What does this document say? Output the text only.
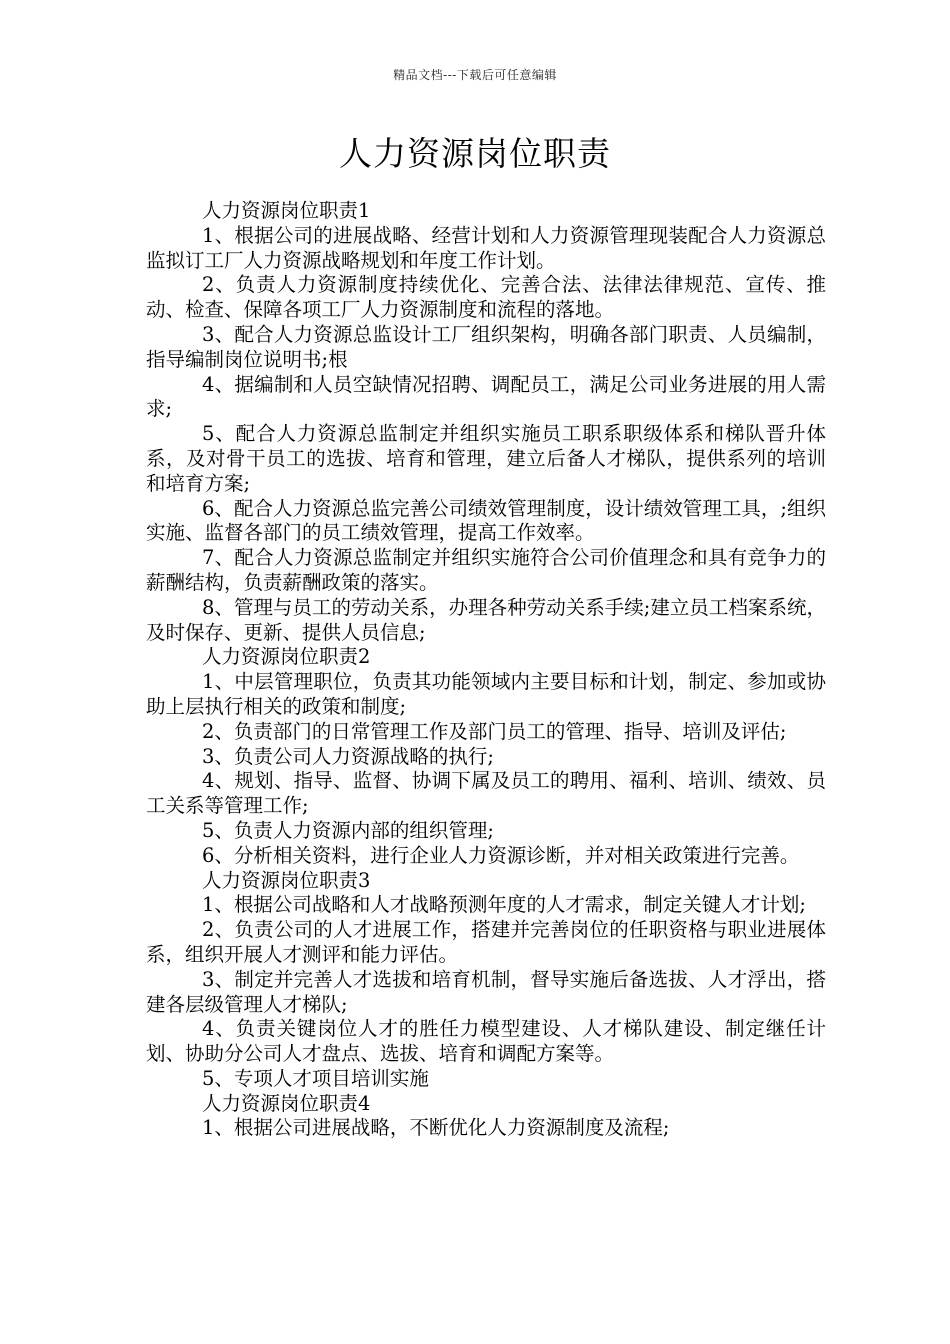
精品文档---下载后可任意编辑
人力资源岗位职责

人力资源岗位职责1

1、根据公司的进展战略、经营计划和人力资源管理现装配合人力资源总监拟订工厂人力资源战略规划和年度工作计划。

2、负责人力资源制度持续优化、完善合法、法律法律规范、宣传、推动、检查、保障各项工厂人力资源制度和流程的落地。

3、配合人力资源总监设计工厂组织架构，明确各部门职责、人员编制，指导编制岗位说明书;根

4、据编制和人员空缺情况招聘、调配员工，满足公司业务进展的用人需求;

5、配合人力资源总监制定并组织实施员工职系职级体系和梯队晋升体系，及对骨干员工的选拔、培育和管理，建立后备人才梯队，提供系列的培训和培育方案;

6、配合人力资源总监完善公司绩效管理制度，设计绩效管理工具，;组织实施、监督各部门的员工绩效管理，提高工作效率。

7、配合人力资源总监制定并组织实施符合公司价值理念和具有竞争力的薪酬结构，负责薪酬政策的落实。

8、管理与员工的劳动关系，办理各种劳动关系手续;建立员工档案系统，及时保存、更新、提供人员信息;

人力资源岗位职责2

1、中层管理职位，负责其功能领域内主要目标和计划，制定、参加或协助上层执行相关的政策和制度;

2、负责部门的日常管理工作及部门员工的管理、指导、培训及评估;

3、负责公司人力资源战略的执行;

4、规划、指导、监督、协调下属及员工的聘用、福利、培训、绩效、员工关系等管理工作;

5、负责人力资源内部的组织管理;

6、分析相关资料，进行企业人力资源诊断，并对相关政策进行完善。

人力资源岗位职责3

1、根据公司战略和人才战略预测年度的人才需求，制定关键人才计划;

2、负责公司的人才进展工作，搭建并完善岗位的任职资格与职业进展体系，组织开展人才测评和能力评估。

3、制定并完善人才选拔和培育机制，督导实施后备选拔、人才浮出，搭建各层级管理人才梯队;

4、负责关键岗位人才的胜任力模型建设、人才梯队建设、制定继任计划、协助分公司人才盘点、选拔、培育和调配方案等。

5、专项人才项目培训实施

人力资源岗位职责4

1、根据公司进展战略，不断优化人力资源制度及流程;
